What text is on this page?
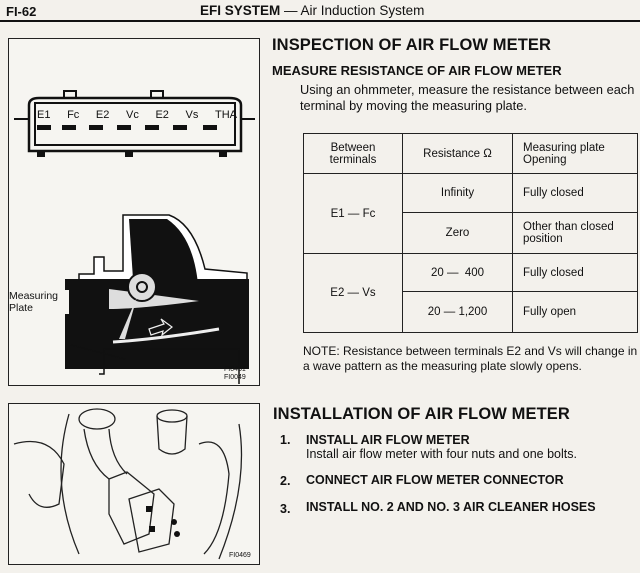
FI-62	EFI SYSTEM — Air Induction System
E1 Fc E2 Vc E2 Vs THA
Measuring Plate
FI0451
FI0049
FI0469
INSPECTION OF AIR FLOW METER
MEASURE RESISTANCE OF AIR FLOW METER
Using an ohmmeter, measure the resistance between each
terminal by moving the measuring plate.
Between terminals	Resistance Ω	Measuring plate Opening
E1 — Fc	Infinity	Fully closed
	Zero	Other than closed position
E2 — Vs	20 —  400	Fully closed
	20 — 1,200	Fully open
NOTE: Resistance between terminals E2 and Vs will change in a wave pattern as the measuring plate slowly opens.
INSTALLATION OF AIR FLOW METER
1. INSTALL AIR FLOW METER
Install air flow meter with four nuts and one bolts.
2. CONNECT AIR FLOW METER CONNECTOR
3. INSTALL NO. 2 AND NO. 3 AIR CLEANER HOSES
